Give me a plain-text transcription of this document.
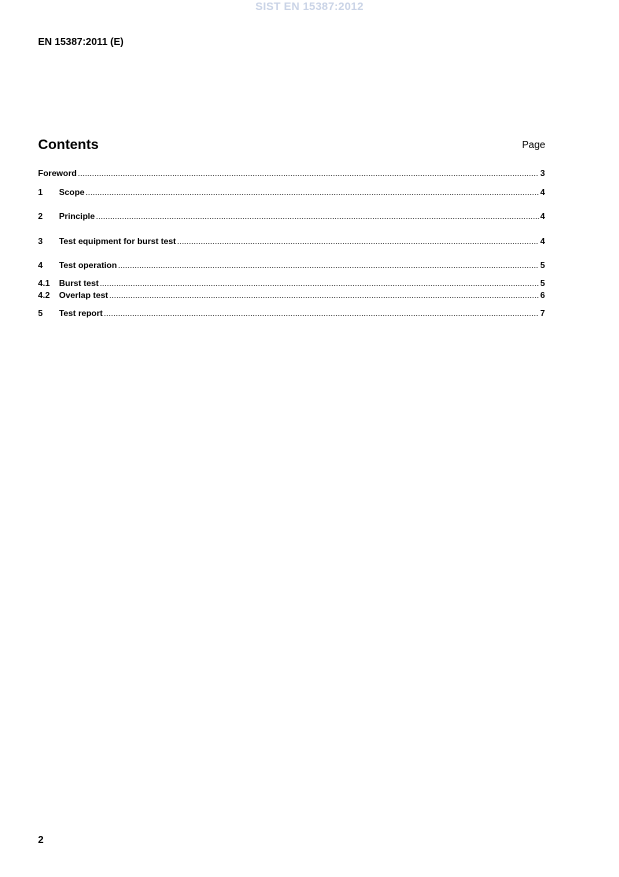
SIST EN 15387:2012
EN 15387:2011 (E)
Contents	Page
Foreword .....	3
1	Scope .....	4
2	Principle .....	4
3	Test equipment for burst test .....	4
4	Test operation .....	5
4.1	Burst test .....	5
4.2	Overlap test .....	6
5	Test report .....	7
2
